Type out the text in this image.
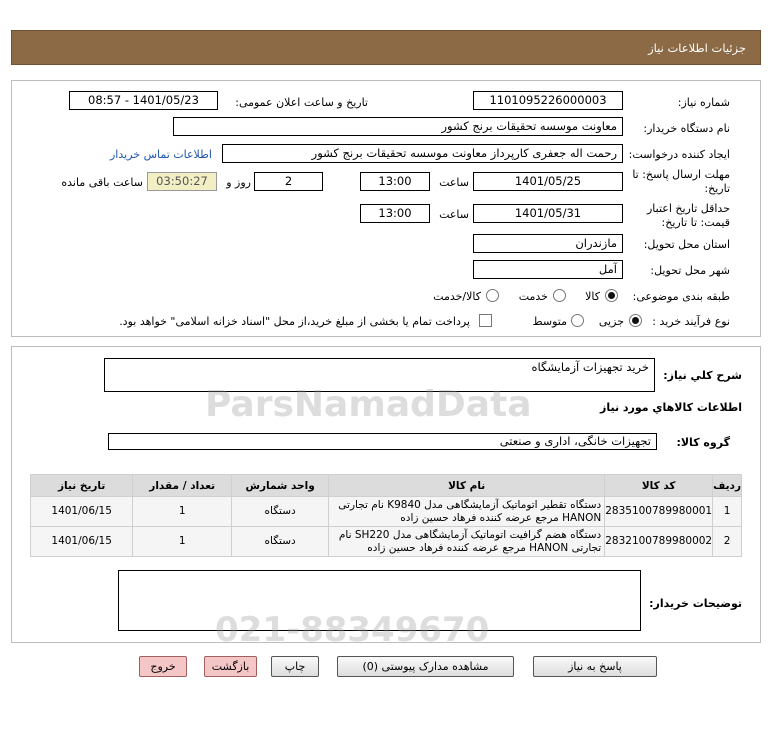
جزئیات اطلاعات نیاز
شماره نیاز:
1101095226000003
تاریخ و ساعت اعلان عمومی:
1401/05/23 - 08:57
نام دستگاه خریدار:
معاونت موسسه تحقیقات برنج کشور
ایجاد کننده درخواست:
رحمت اله جعفری کارپرداز معاونت موسسه تحقیقات برنج کشور
اطلاعات تماس خریدار
مهلت ارسال پاسخ: تا
تاریخ:
1401/05/25
ساعت
13:00
2
روز و
03:50:27
ساعت باقی مانده
حداقل تاریخ اعتبار
قیمت: تا تاریخ:
1401/05/31
ساعت
13:00
استان محل تحویل:
مازندران
شهر محل تحویل:
آمل
طبقه بندی موضوعی:
کالا
خدمت
کالا/خدمت
نوع فرآیند خرید :
جزیی
متوسط
پرداخت تمام یا بخشی از مبلغ خرید،از محل "اسناد خزانه اسلامی" خواهد بود.
شرح کلي نياز:
خرید تجهیزات آزمایشگاه
اطلاعات کالاهاي مورد نياز
گروه کالا:
تجهیزات خانگی، اداری و صنعتی
ردیف	کد کالا	نام کالا	واحد شمارش	تعداد / مقدار	تاریخ نیاز
1	2835100789980001	دستگاه تقطیر اتوماتیک آزمایشگاهی مدل K9840 نام تجارتی HANON مرجع عرضه کننده فرهاد حسین زاده	دستگاه	1	1401/06/15
2	2832100789980002	دستگاه هضم گرافیت اتوماتیک آزمایشگاهی مدل SH220 نام تجارتی HANON مرجع عرضه کننده فرهاد حسین زاده	دستگاه	1	1401/06/15
توضیحات خریدار:
ParsNamadData
021-88349670
پاسخ به نیاز
مشاهده مدارک پیوستی (0)
چاپ
بازگشت
خروج
